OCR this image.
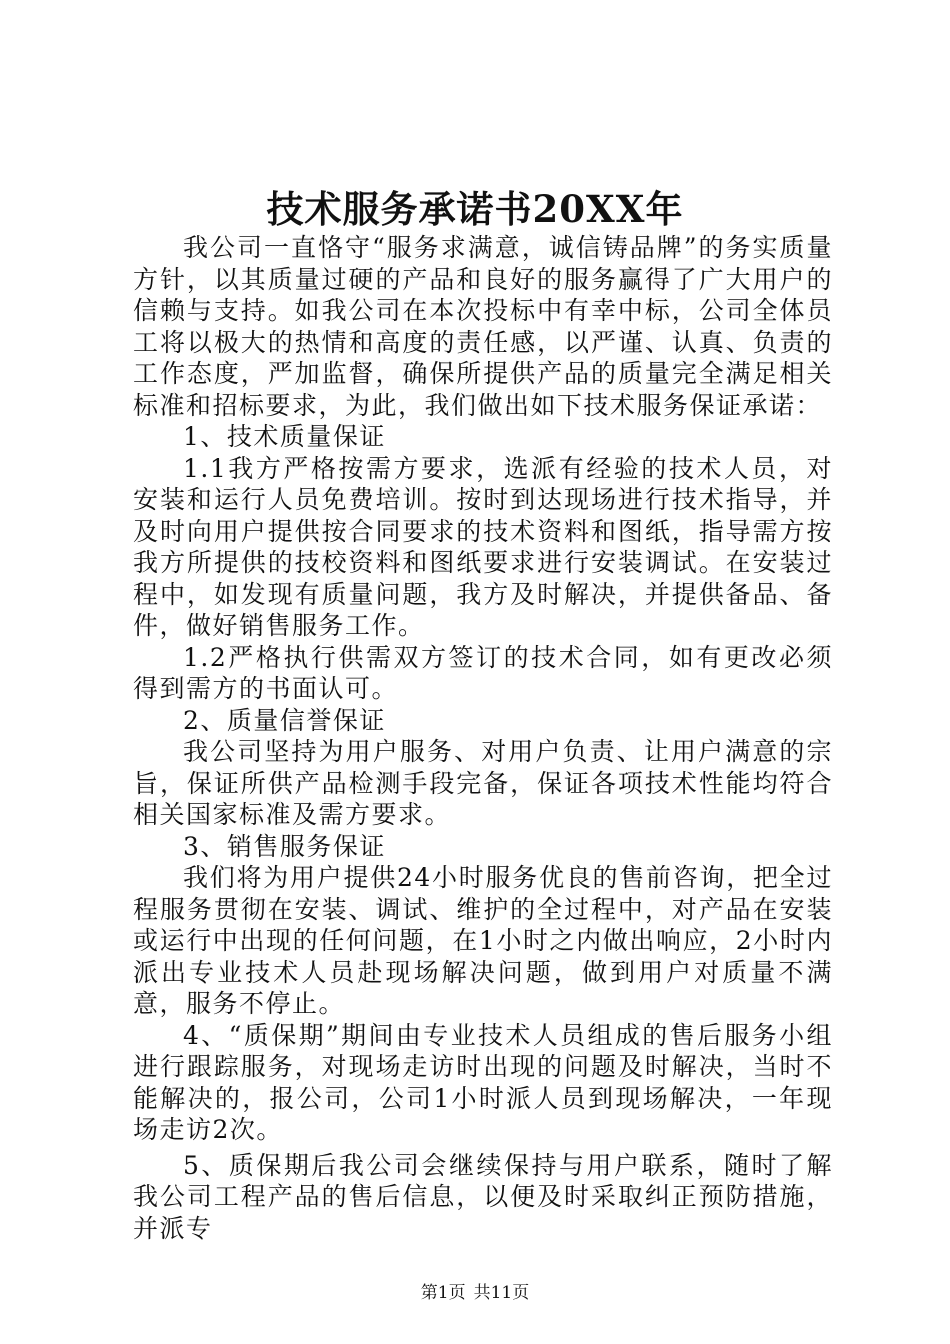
技术服务承诺书20XX年

我公司一直恪守“服务求满意，诚信铸品牌”的务实质量方针，以其质量过硬的产品和良好的服务赢得了广大用户的信赖与支持。如我公司在本次投标中有幸中标，公司全体员工将以极大的热情和高度的责任感，以严谨、认真、负责的工作态度，严加监督，确保所提供产品的质量完全满足相关标准和招标要求，为此，我们做出如下技术服务保证承诺：

1、技术质量保证

1.1我方严格按需方要求，选派有经验的技术人员，对安装和运行人员免费培训。按时到达现场进行技术指导，并及时向用户提供按合同要求的技术资料和图纸，指导需方按我方所提供的技校资料和图纸要求进行安装调试。在安装过程中，如发现有质量问题，我方及时解决，并提供备品、备件，做好销售服务工作。

1.2严格执行供需双方签订的技术合同，如有更改必须得到需方的书面认可。

2、质量信誉保证

我公司坚持为用户服务、对用户负责、让用户满意的宗旨，保证所供产品检测手段完备，保证各项技术性能均符合相关国家标准及需方要求。

3、销售服务保证

我们将为用户提供24小时服务优良的售前咨询，把全过程服务贯彻在安装、调试、维护的全过程中，对产品在安装或运行中出现的任何问题，在1小时之内做出响应，2小时内派出专业技术人员赴现场解决问题，做到用户对质量不满意，服务不停止。

4、“质保期”期间由专业技术人员组成的售后服务小组进行跟踪服务，对现场走访时出现的问题及时解决，当时不能解决的，报公司，公司1小时派人员到现场解决，一年现场走访2次。

5、质保期后我公司会继续保持与用户联系，随时了解我公司工程产品的售后信息，以便及时采取纠正预防措施，并派专

第1页 共11页
